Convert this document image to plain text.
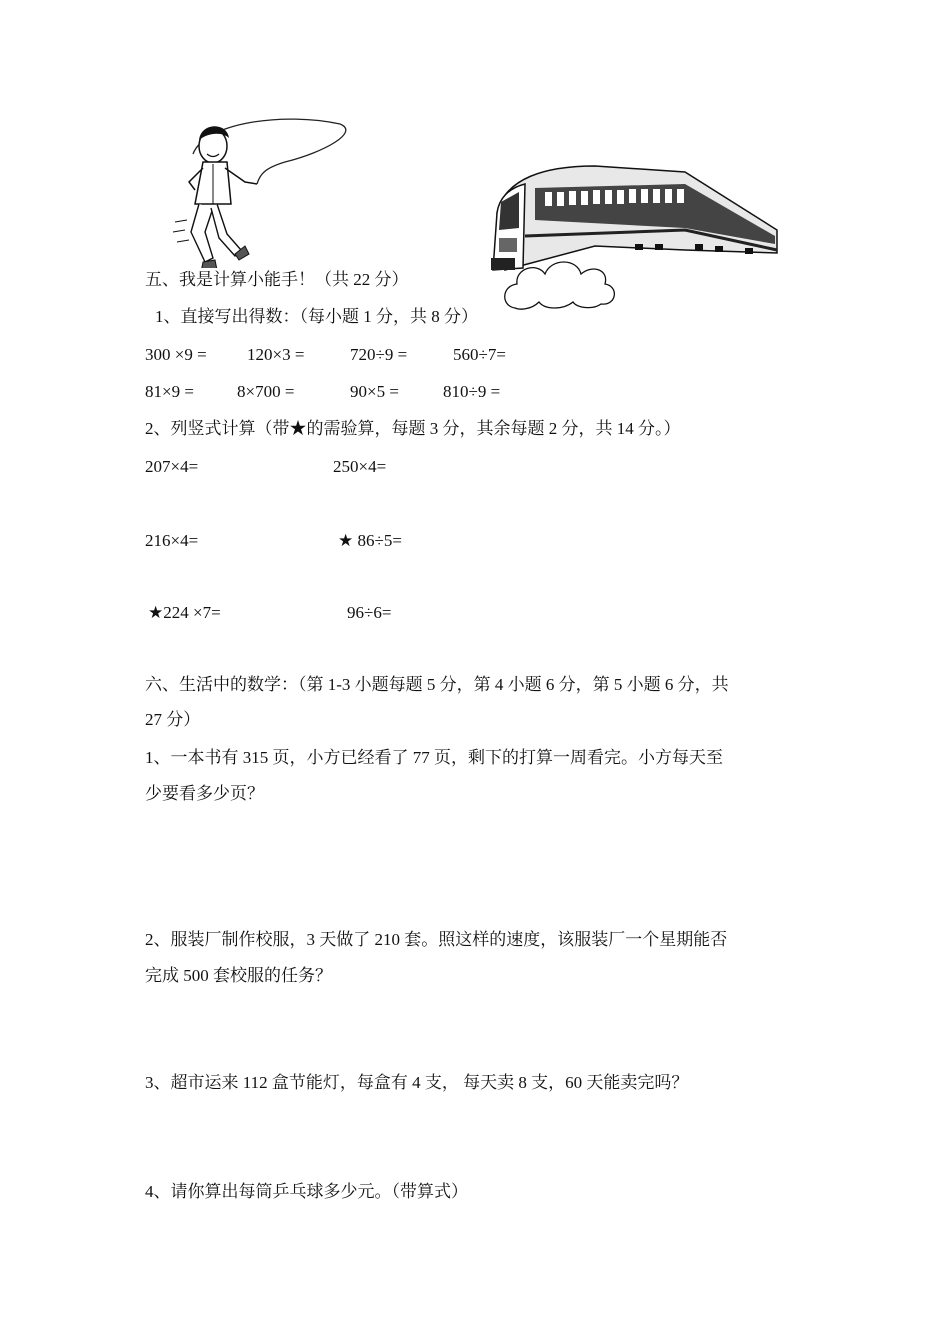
五、我是计算小能手！（共 22 分）
1、直接写出得数：（每小题 1 分，共 8 分）
300 ×9 = 120×3 =	720÷9 =	560÷7=
81×9 =	8×700 =	90×5 =	810÷9 =
2、列竖式计算（带★的需验算，每题 3 分，其余每题 2 分，共 14 分。）
207×4=	250×4=
216×4=	★ 86÷5=
★224 ×7=	96÷6=
六、生活中的数学：（第 1-3 小题每题 5 分，第 4 小题 6 分，第 5 小题 6 分，共
27 分）
1、一本书有 315 页，小方已经看了 77 页，剩下的打算一周看完。小方每天至
少要看多少页？
2、服装厂制作校服，3 天做了 210 套。照这样的速度，该服装厂一个星期能否
完成 500 套校服的任务？
3、超市运来 112 盒节能灯，每盒有 4 支， 每天卖 8 支，60 天能卖完吗？
4、请你算出每筒乒乓球多少元。（带算式）
